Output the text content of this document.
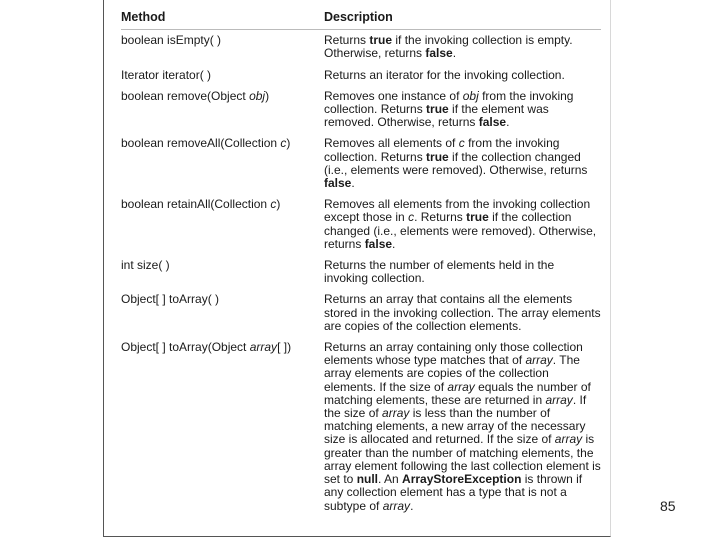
Method	Description
boolean isEmpty( )	Returns true if the invoking collection is empty. Otherwise, returns false.
Iterator iterator( )	Returns an iterator for the invoking collection.
boolean remove(Object obj)	Removes one instance of obj from the invoking collection. Returns true if the element was removed. Otherwise, returns false.
boolean removeAll(Collection c)	Removes all elements of c from the invoking collection. Returns true if the collection changed (i.e., elements were removed). Otherwise, returns false.
boolean retainAll(Collection c)	Removes all elements from the invoking collection except those in c. Returns true if the collection changed (i.e., elements were removed). Otherwise, returns false.
int size( )	Returns the number of elements held in the invoking collection.
Object[ ] toArray( )	Returns an array that contains all the elements stored in the invoking collection. The array elements are copies of the collection elements.
Object[ ] toArray(Object array[ ])	Returns an array containing only those collection elements whose type matches that of array. The array elements are copies of the collection elements. If the size of array equals the number of matching elements, these are returned in array. If the size of array is less than the number of matching elements, a new array of the necessary size is allocated and returned. If the size of array is greater than the number of matching elements, the array element following the last collection element is set to null. An ArrayStoreException is thrown if any collection element has a type that is not a subtype of array.	85
